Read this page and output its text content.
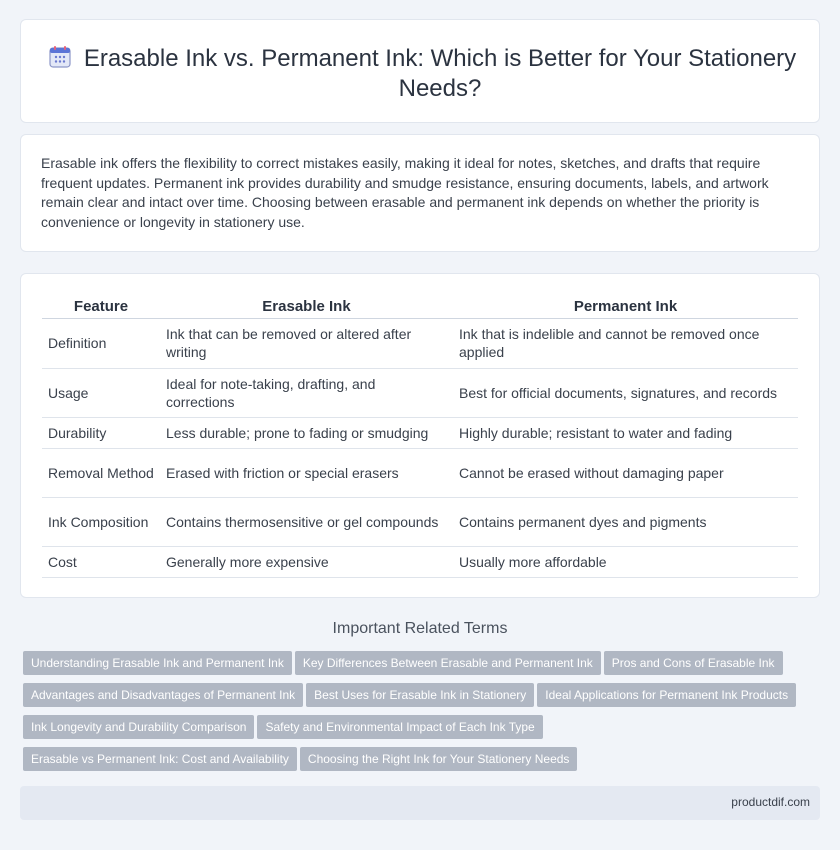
Erasable Ink vs. Permanent Ink: Which is Better for Your Stationery Needs?

Erasable ink offers the flexibility to correct mistakes easily, making it ideal for notes, sketches, and drafts that require frequent updates. Permanent ink provides durability and smudge resistance, ensuring documents, labels, and artwork remain clear and intact over time. Choosing between erasable and permanent ink depends on whether the priority is convenience or longevity in stationery use.

Feature	Erasable Ink	Permanent Ink
Definition	Ink that can be removed or altered after writing	Ink that is indelible and cannot be removed once applied
Usage	Ideal for note-taking, drafting, and corrections	Best for official documents, signatures, and records
Durability	Less durable; prone to fading or smudging	Highly durable; resistant to water and fading
Removal Method	Erased with friction or special erasers	Cannot be erased without damaging paper
Ink Composition	Contains thermosensitive or gel compounds	Contains permanent dyes and pigments
Cost	Generally more expensive	Usually more affordable
Important Related Terms
Understanding Erasable Ink and Permanent Ink Key Differences Between Erasable and Permanent Ink Pros and Cons of Erasable Ink
Advantages and Disadvantages of Permanent Ink Best Uses for Erasable Ink in Stationery Ideal Applications for Permanent Ink Products
Ink Longevity and Durability Comparison Safety and Environmental Impact of Each Ink Type
Erasable vs Permanent Ink: Cost and Availability Choosing the Right Ink for Your Stationery Needs
productdif.com
